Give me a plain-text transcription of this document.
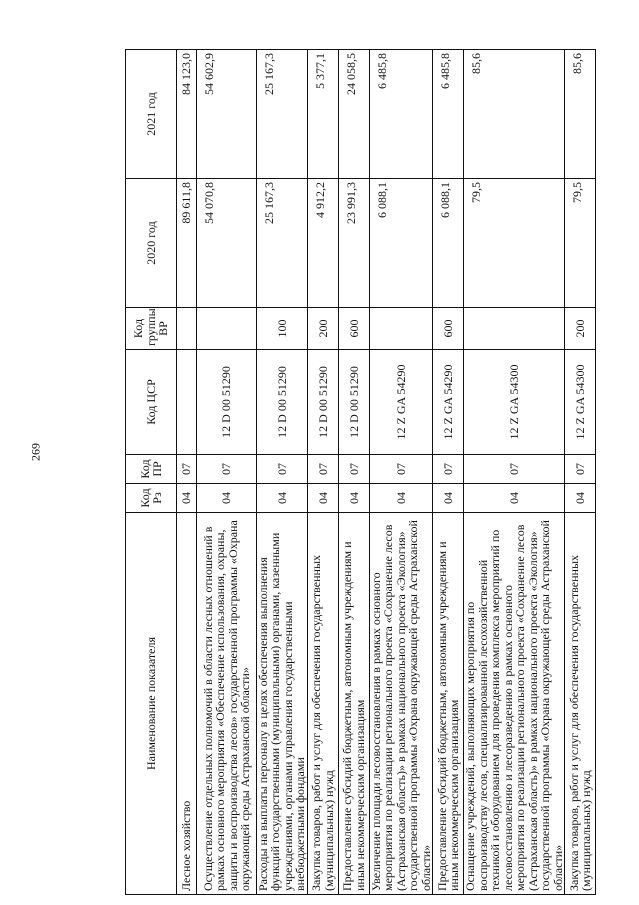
269
Наименование показателя	Код Рз	Код ПР	Код ЦСР	Код группы ВР	2020 год	2021 год
Лесное хозяйство	04	07			89 611,8	84 123,0
Осуществление отдельных полномочий в области лесных отношений в рамках основного мероприятия «Обеспечение использования, охраны, защиты и воспроизводства лесов» государственной программы «Охрана окружающей среды Астраханской области»	04	07	12 D 00 51290		54 070,8	54 602,9
Расходы на выплаты персоналу в целях обеспечения выполнения функций государственными (муниципальными) органами, казенными учреждениями, органами управления государственными внебюджетными фондами	04	07	12 D 00 51290	100	25 167,3	25 167,3
Закупка товаров, работ и услуг для обеспечения государственных (муниципальных) нужд	04	07	12 D 00 51290	200	4 912,2	5 377,1
Предоставление субсидий бюджетным, автономным учреждениям и иным некоммерческим организациям	04	07	12 D 00 51290	600	23 991,3	24 058,5
Увеличение площади лесовосстановления в рамках основного мероприятия по реализации регионального проекта «Сохранение лесов (Астраханская область)» в рамках национального проекта «Экология» государственной программы «Охрана окружающей среды Астраханской области»	04	07	12 Z GA 54290		6 088,1	6 485,8
Предоставление субсидий бюджетным, автономным учреждениям и иным некоммерческим организациям	04	07	12 Z GA 54290	600	6 088,1	6 485,8
Оснащение учреждений, выполняющих мероприятия по воспроизводству лесов, специализированной лесохозяйственной техникой и оборудованием для проведения комплекса мероприятий по лесовосстановлению и лесоразведению в рамках основного мероприятия по реализации регионального проекта «Сохранение лесов (Астраханская область)» в рамках национального проекта «Экология» государственной программы «Охрана окружающей среды Астраханской области»	04	07	12 Z GA 54300		79,5	85,6
Закупка товаров, работ и услуг для обеспечения государственных (муниципальных) нужд	04	07	12 Z GA 54300	200	79,5	85,6
